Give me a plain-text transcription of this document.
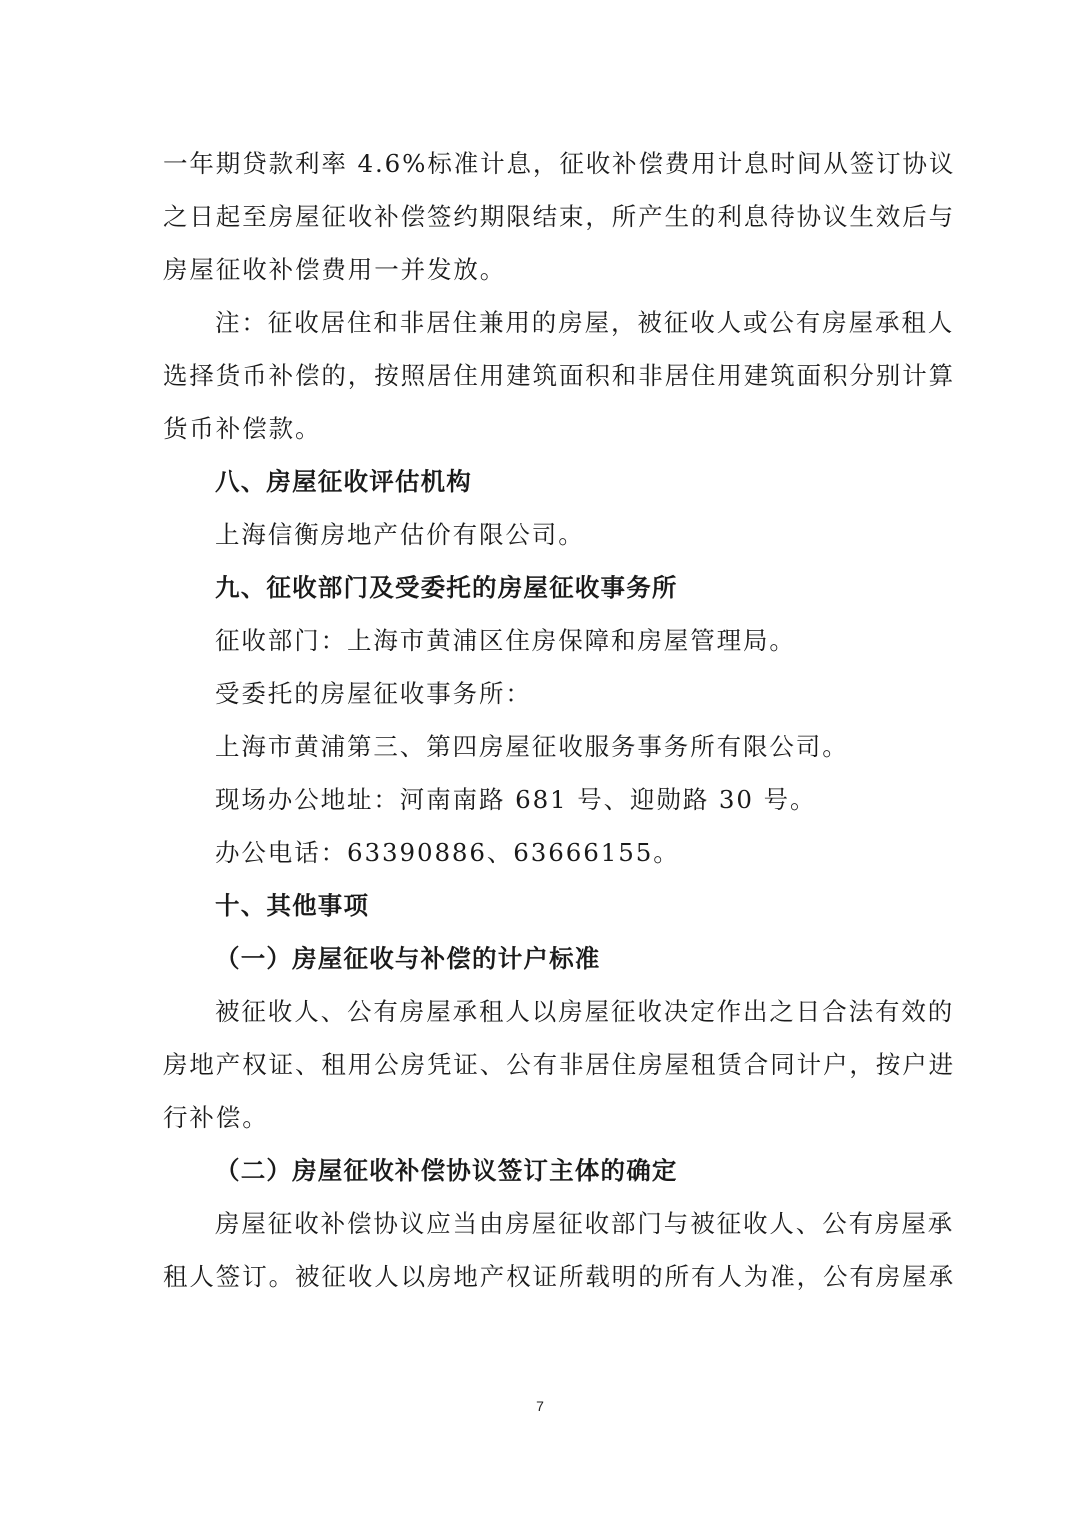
一年期贷款利率 4.6%标准计息，征收补偿费用计息时间从签订协议
之日起至房屋征收补偿签约期限结束，所产生的利息待协议生效后与
房屋征收补偿费用一并发放。
注：征收居住和非居住兼用的房屋，被征收人或公有房屋承租人
选择货币补偿的，按照居住用建筑面积和非居住用建筑面积分别计算
货币补偿款。
八、房屋征收评估机构
上海信衡房地产估价有限公司。
九、征收部门及受委托的房屋征收事务所
征收部门：上海市黄浦区住房保障和房屋管理局。
受委托的房屋征收事务所：
上海市黄浦第三、第四房屋征收服务事务所有限公司。
现场办公地址：河南南路 681 号、迎勋路 30 号。
办公电话：63390886、63666155。
十、其他事项
（一）房屋征收与补偿的计户标准
被征收人、公有房屋承租人以房屋征收决定作出之日合法有效的
房地产权证、租用公房凭证、公有非居住房屋租赁合同计户，按户进
行补偿。
（二）房屋征收补偿协议签订主体的确定
房屋征收补偿协议应当由房屋征收部门与被征收人、公有房屋承
租人签订。被征收人以房地产权证所载明的所有人为准，公有房屋承
7
